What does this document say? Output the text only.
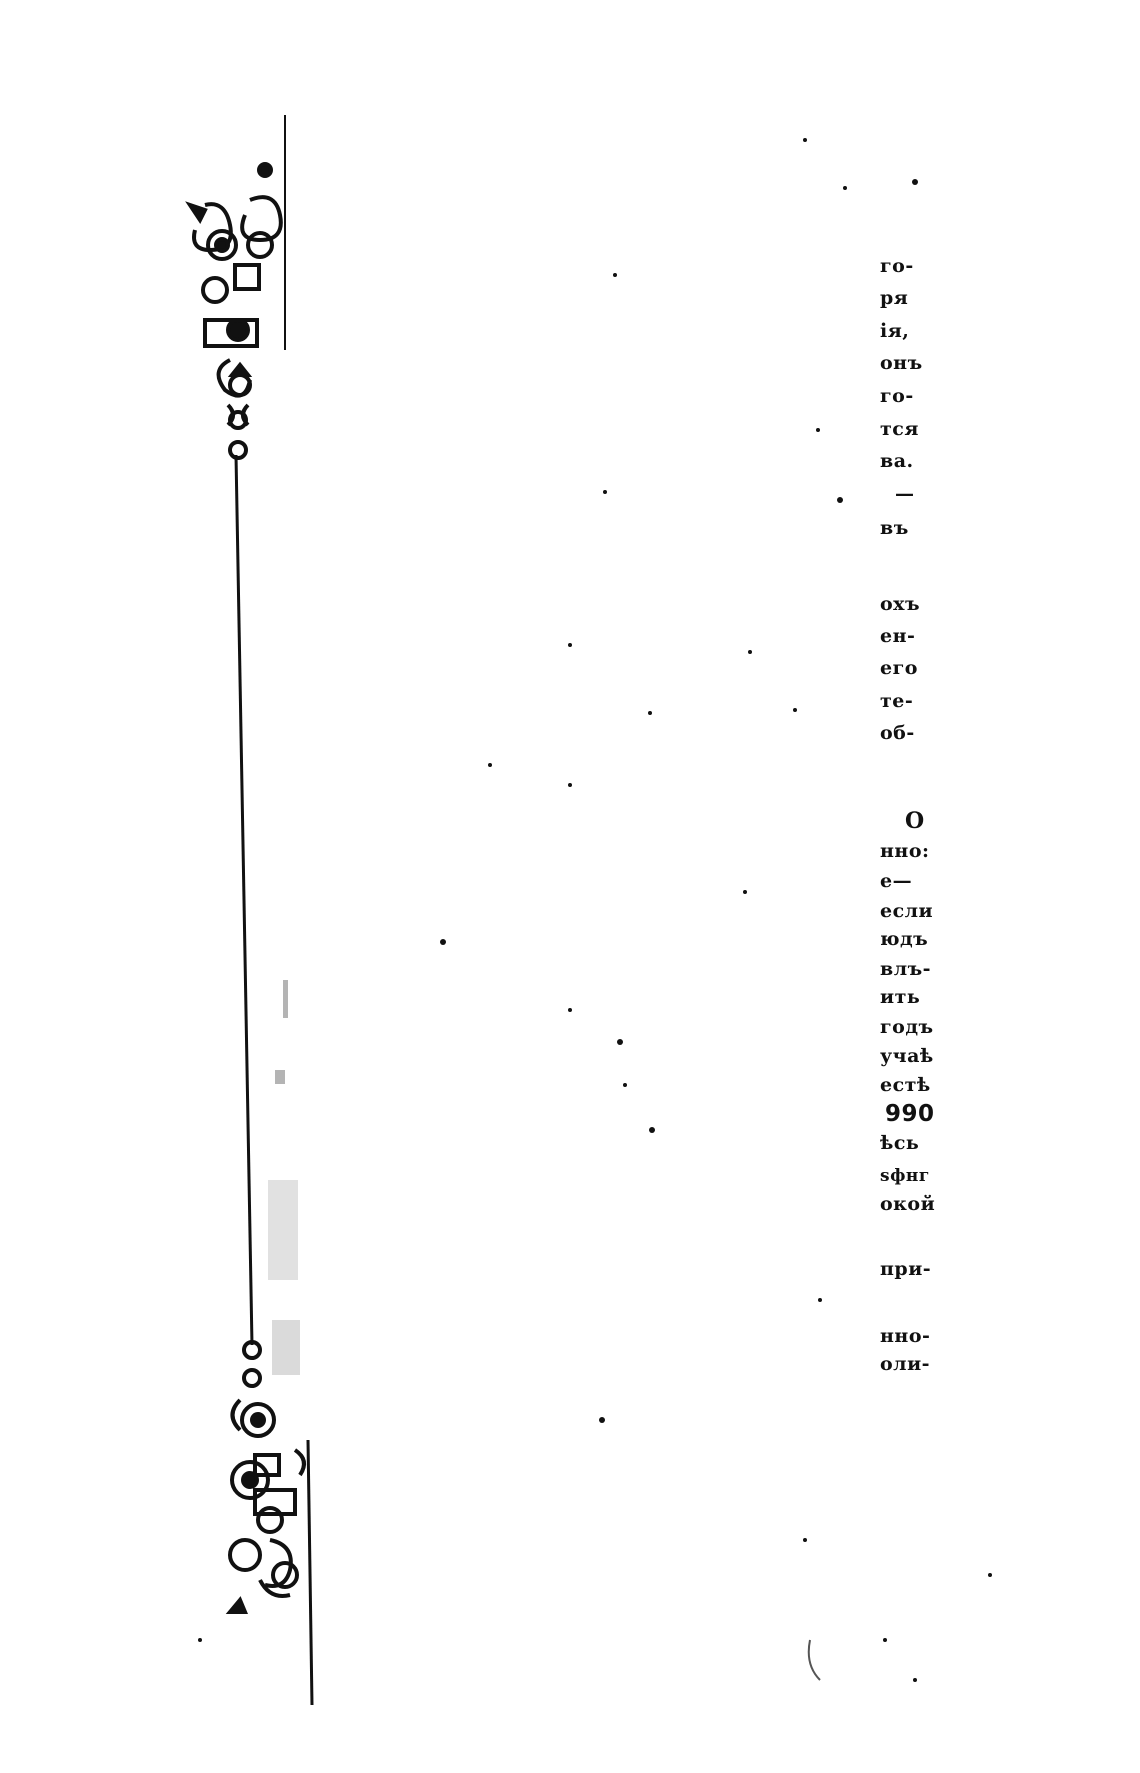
го-
ря
ія,
онъ
го-
тся
ва.
—
въ
охъ
ен-
его
те-
об-
О
нно:
е—
если
юдъ
влъ-
ить
годъ
учаѣ
естѣ
990
ѣсь
ѕфнг
окой
при-
нно-
оли-
